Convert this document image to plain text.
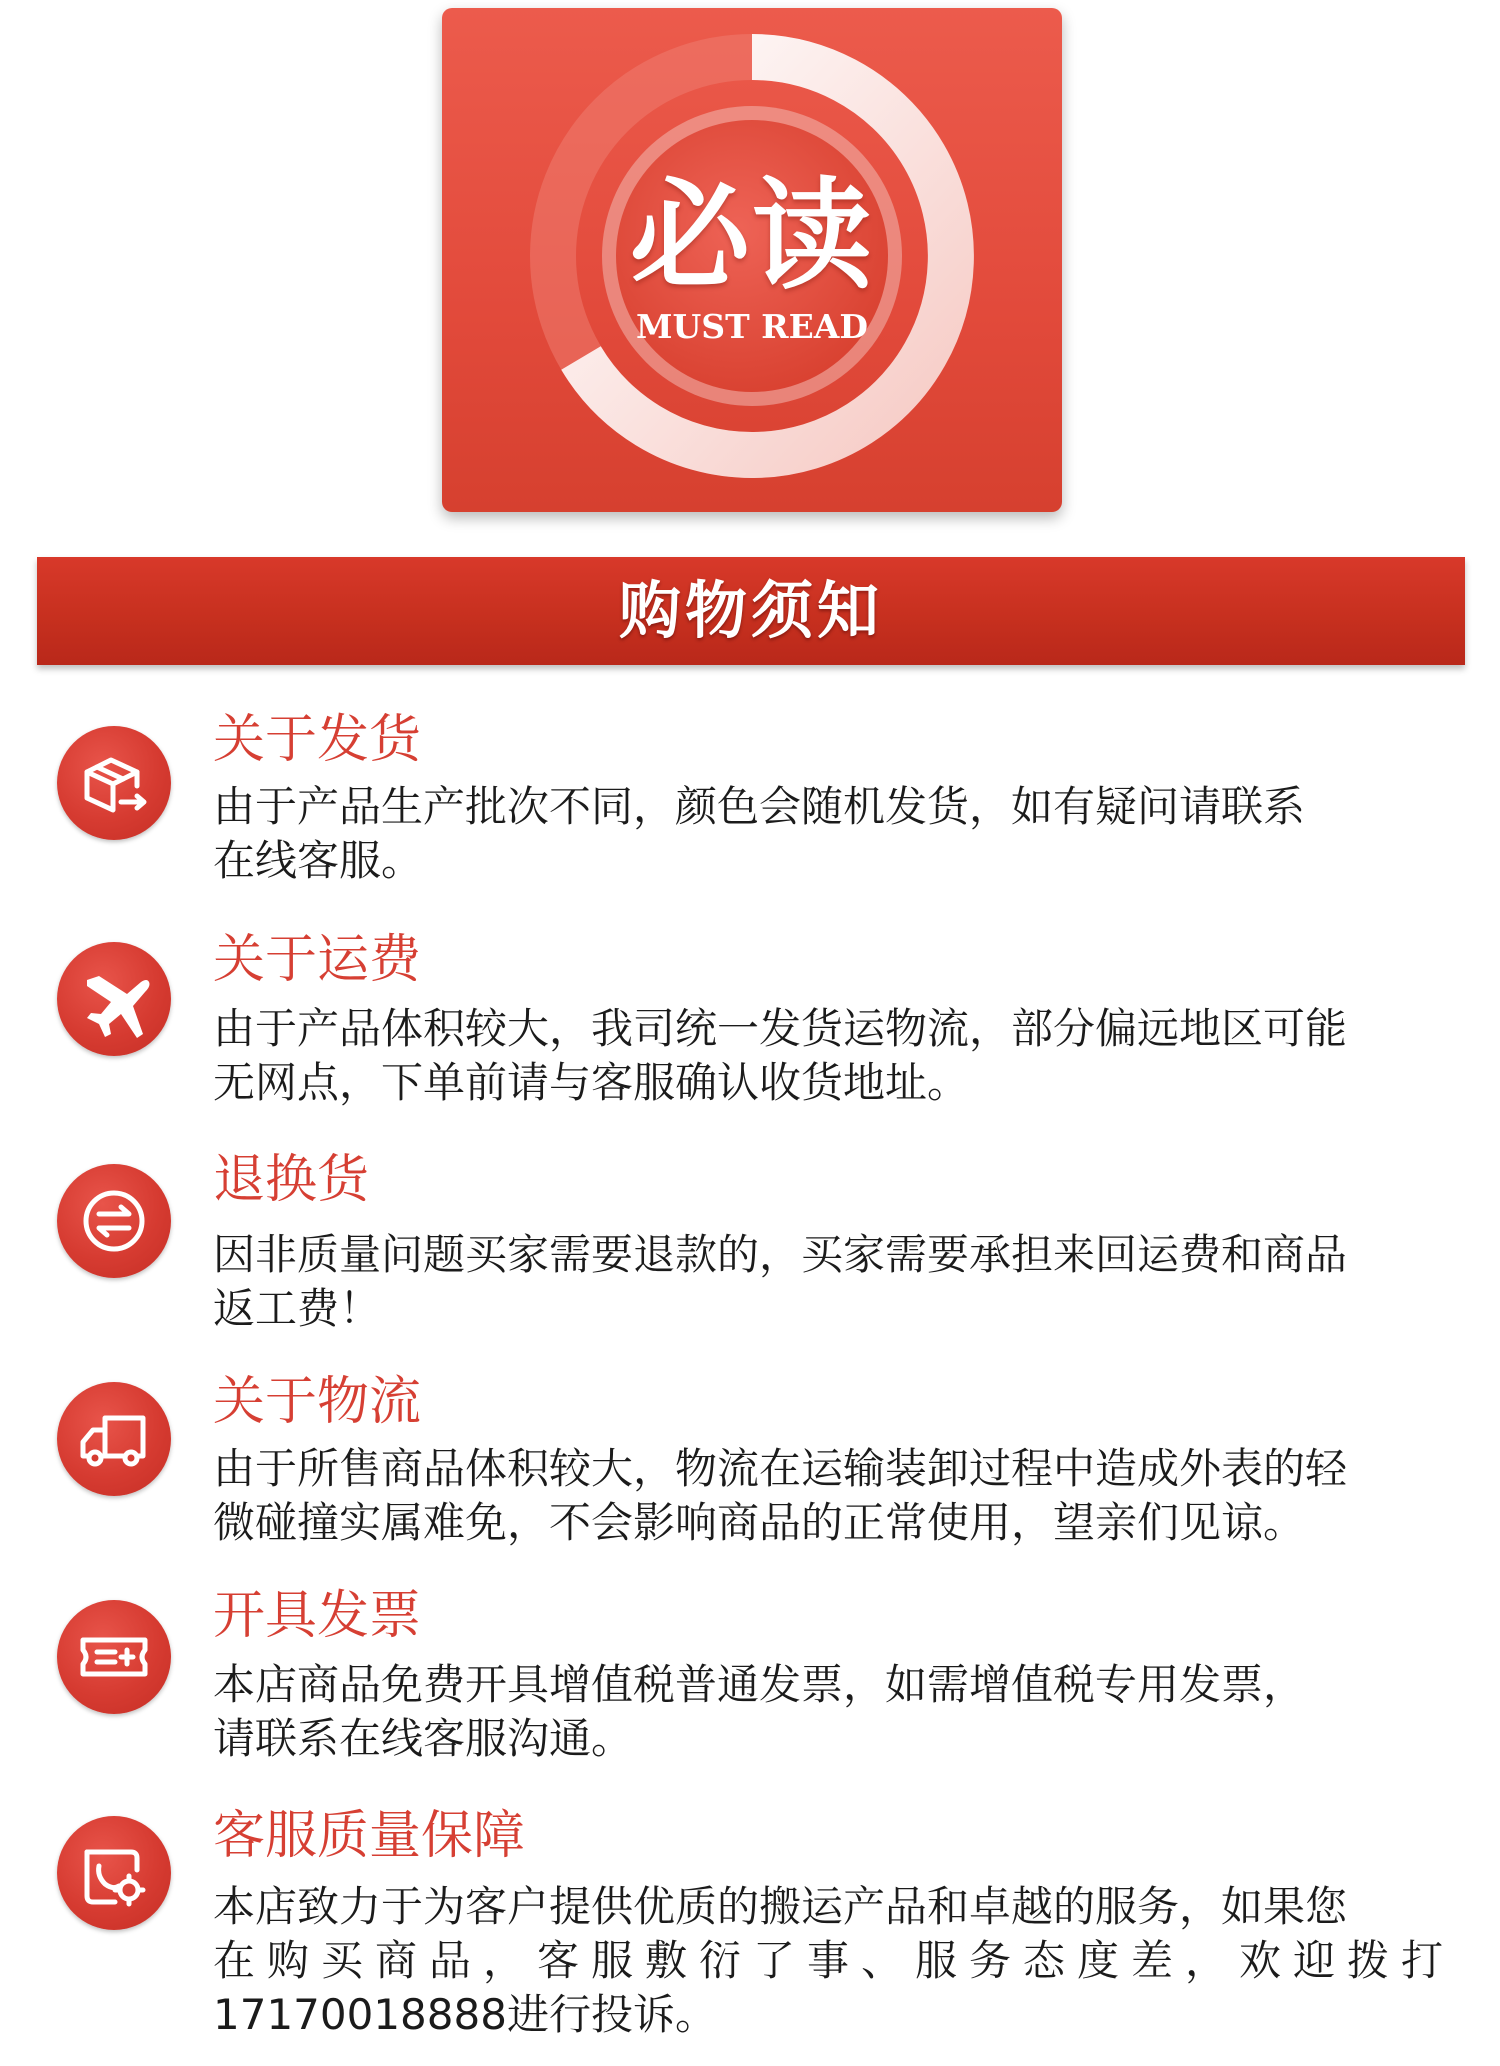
必读
MUST READ
购物须知
关于发货
由于产品生产批次不同，颜色会随机发货，如有疑问请联系
在线客服。
关于运费
由于产品体积较大，我司统一发货运物流，部分偏远地区可能
无网点，下单前请与客服确认收货地址。
退换货
因非质量问题买家需要退款的，买家需要承担来回运费和商品
返工费！
关于物流
由于所售商品体积较大，物流在运输装卸过程中造成外表的轻
微碰撞实属难免，不会影响商品的正常使用，望亲们见谅。
开具发票
本店商品免费开具增值税普通发票，如需增值税专用发票，
请联系在线客服沟通。
客服质量保障
本店致力于为客户提供优质的搬运产品和卓越的服务，如果您
在购买商品，客服敷衍了事、服务态度差，欢迎拨打
17170018888进行投诉。
